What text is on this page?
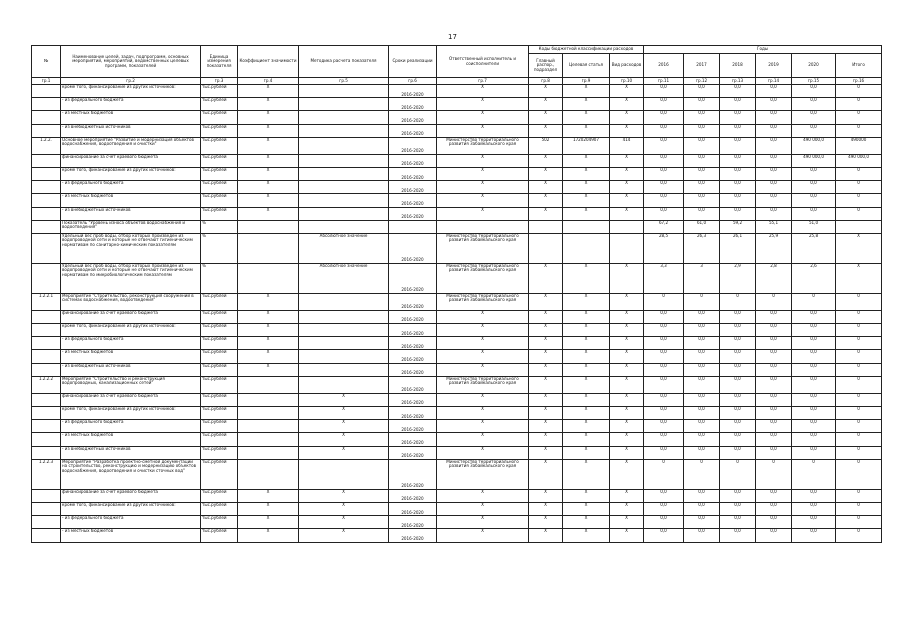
17
№	Наименование целей, задач, подпрограмм, основных мероприятий, мероприятий, ведомственных целевых программ, показателей	Единица измерения показателя	Коэффициент значимости	Методика расчета показателя	Сроки реализации	Ответственный исполнитель и соисполнители	Коды бюджетной классификации расходов			Годы					
							Главный распор., подраздел	Целевая статья	Вид расходов	2016	2017	2018	2019	2020	Итого
гр.1	гр.2	гр.3	гр.4	гр.5	гр.6	гр.7	гр.8	гр.9	гр.10	гр.11	гр.12	гр.13	гр.14	гр.15	гр.16
	кроме того, финансирование из других источников:	тыс.рублей	X		2016-2020	X	X	X	X	0,0	0,0	0,0	0,0	0,0	0
	- из федерального бюджета	тыс.рублей	X		2016-2020	X	X	X	X	0,0	0,0	0,0	0,0	0,0	0
	- из местных бюджетов	тыс.рублей	X		2016-2020	X	X	X	X	0,0	0,0	0,0	0,0	0,0	0
	- из внебюджетных источников	тыс.рублей	X		2016-2020	X	X	X	X	0,0	0,0	0,0	0,0	0,0	0
1.2.2.	Основное мероприятие "Развитие и модернизация объектов водоснабжения, водоотведения и очистки"	тыс.рублей	X		2016-2020	Министерство территориального развития Забайкальского края	502	1720204907	414	0,0	0,0	0,0	0,0	490 000,0	490000
	финансирование за счет краевого бюджета	тыс.рублей	X		2016-2020	X	X	X	X	0,0	0,0	0,0	0,0	490 000,0	490 000,0
	кроме того, финансирование из других источников:	тыс.рублей	X		2016-2020	X	X	X	X	0,0	0,0	0,0	0,0	0,0	0
	- из федерального бюджета	тыс.рублей	X		2016-2020	X	X	X	X	0,0	0,0	0,0	0,0	0,0	0
	- из местных бюджетов	тыс.рублей	X		2016-2020	X	X	X	X	0,0	0,0	0,0	0,0	0,0	0
	- из внебюджетных источников	тыс.рублей	X		2016-2020	X	X	X	X	0,0	0,0	0,0	0,0	0,0	0
	Показатель "Уровень износа объектов водоснабжения и водоотведения"	%								67,2	61,0	59,2	55,1	51,0	
	Удельный вес проб воды, отбор которых произведен из водопроводной сети и которые не отвечают гигиеническим нормативам по санитарно-химическим показателям	%		Абсолютное значение	2016-2020	Министерство территориального развития Забайкальского края				28,5	26,3	26,1	25,9	25,8	X
	Удельный вес проб воды, отбор которых произведен из водопроводной сети и которые не отвечают гигиеническим нормативам по микробиологическим показателям	%		Абсолютное значение	2016-2020	Министерство территориального развития Забайкальского края	X	X	X	3,3	3	2,9	2,8	2,6	X
1.2.2.1	Мероприятие "Строительство, реконструкция сооружений в системах водоснабжения, водоотведения"	тыс.рублей	X		2016-2020	Министерство территориального развития Забайкальского края	X	X	X	0	0	0	0	0	0
	финансирование за счет краевого бюджета	тыс.рублей	X		2016-2020	X	X	X	X	0,0	0,0	0,0	0,0	0,0	0
	кроме того, финансирование из других источников:	тыс.рублей	X		2016-2020	X	X	X	X	0,0	0,0	0,0	0,0	0,0	0
	- из федерального бюджета	тыс.рублей	X		2016-2020	X	X	X	X	0,0	0,0	0,0	0,0	0,0	0
	- из местных бюджетов	тыс.рублей	X		2016-2020	X	X	X	X	0,0	0,0	0,0	0,0	0,0	0
	- из внебюджетных источников	тыс.рублей	X		2016-2020	X	X	X	X	0,0	0,0	0,0	0,0	0,0	0
1.2.2.2	Мероприятие "Строительство и реконструкция водопроводных, канализационных сетей"	тыс.рублей			2016-2020	Министерство территориального развития Забайкальского края	X	X	X	0,0	0,0	0,0	0,0	0,0	0
	финансирование за счет краевого бюджета	тыс.рублей		X	2016-2020	X	X	X	X	0,0	0,0	0,0	0,0	0,0	0
	кроме того, финансирование из других источников:	тыс.рублей		X	2016-2020	X	X	X	X	0,0	0,0	0,0	0,0	0,0	0
	- из федерального бюджета	тыс.рублей		X	2016-2020	X	X	X	X	0,0	0,0	0,0	0,0	0,0	0
	- из местных бюджетов	тыс.рублей		X	2016-2020	X	X	X	X	0,0	0,0	0,0	0,0	0,0	0
	- из внебюджетных источников	тыс.рублей		X	2016-2020	X	X	X	X	0,0	0,0	0,0	0,0	0,0	0
1.2.2.3	Мероприятие "Разработка проектно-сметной документации на строительство, реконструкцию и модернизацию объектов водоснабжения, водоотведения и очистки сточных вод"	тыс.рублей			2016-2020	Министерство территориального развития Забайкальского края	X	X	X	0	0	0	0	0	0
	финансирование за счет краевого бюджета	тыс.рублей	X	X	2016-2020	X	X	X	X	0,0	0,0	0,0	0,0	0,0	0
	кроме того, финансирование из других источников:	тыс.рублей	X	X	2016-2020	X	X	X	X	0,0	0,0	0,0	0,0	0,0	0
	- из федерального бюджета	тыс.рублей	X	X	2016-2020	X	X	X	X	0,0	0,0	0,0	0,0	0,0	0
	- из местных бюджетов	тыс.рублей	X	X	2016-2020	X	X	X	X	0,0	0,0	0,0	0,0	0,0	0
